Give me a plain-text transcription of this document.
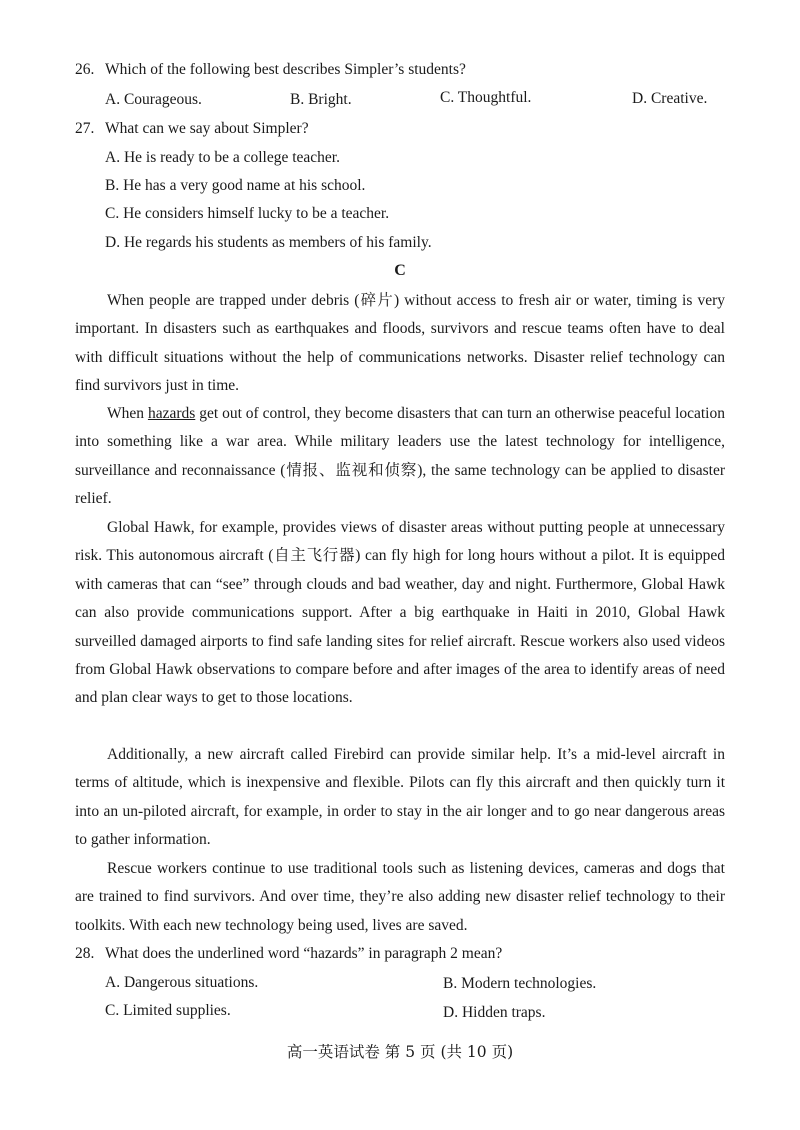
26. Which of the following best describes Simpler’s students?
A. Courageous.	B. Bright.	C. Thoughtful.	D. Creative.
27. What can we say about Simpler?
A. He is ready to be a college teacher.
B. He has a very good name at his school.
C. He considers himself lucky to be a teacher.
D. He regards his students as members of his family.
C

When people are trapped under debris (碎片) without access to fresh air or water, timing is very important. In disasters such as earthquakes and floods, survivors and rescue teams often have to deal with difficult situations without the help of communications networks. Disaster relief technology can find survivors just in time.

When hazards get out of control, they become disasters that can turn an otherwise peaceful location into something like a war area. While military leaders use the latest technology for intelligence, surveillance and reconnaissance (情报、监视和侦察), the same technology can be applied to disaster relief.

Global Hawk, for example, provides views of disaster areas without putting people at unnecessary risk. This autonomous aircraft (自主飞行器) can fly high for long hours without a pilot. It is equipped with cameras that can “see” through clouds and bad weather, day and night. Furthermore, Global Hawk can also provide communications support. After a big earthquake in Haiti in 2010, Global Hawk surveilled damaged airports to find safe landing sites for relief aircraft. Rescue workers also used videos from Global Hawk observations to compare before and after images of the area to identify areas of need and plan clear ways to get to those locations.

Additionally, a new aircraft called Firebird can provide similar help. It’s a mid-level aircraft in terms of altitude, which is inexpensive and flexible. Pilots can fly this aircraft and then quickly turn it into an un-piloted aircraft, for example, in order to stay in the air longer and to go near dangerous areas to gather information.

Rescue workers continue to use traditional tools such as listening devices, cameras and dogs that are trained to find survivors. And over time, they’re also adding new disaster relief technology to their toolkits. With each new technology being used, lives are saved.

28. What does the underlined word “hazards” in paragraph 2 mean?
A. Dangerous situations.	B. Modern technologies.
C. Limited supplies.	D. Hidden traps.
高一英语试卷 第 5 页 (共 10 页)
